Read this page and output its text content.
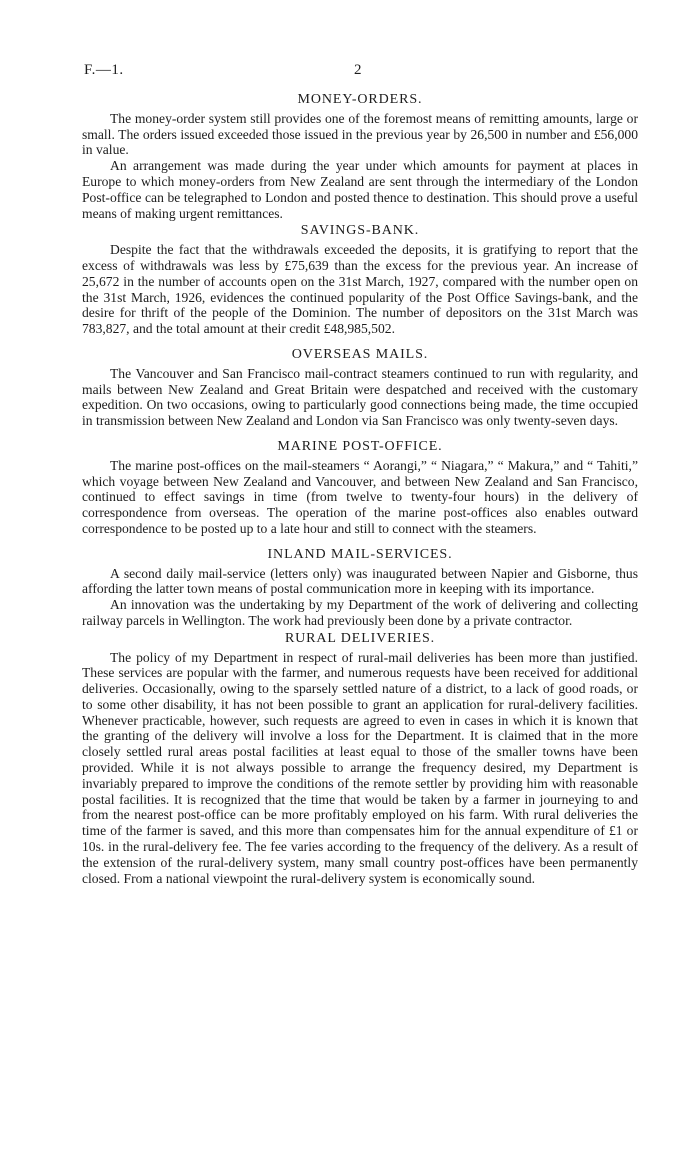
F.—1.	2
MONEY-ORDERS.

The money-order system still provides one of the foremost means of remitting amounts, large or small. The orders issued exceeded those issued in the previous year by 26,500 in number and £56,000 in value.

An arrangement was made during the year under which amounts for payment at places in Europe to which money-orders from New Zealand are sent through the intermediary of the London Post-office can be telegraphed to London and posted thence to destination. This should prove a useful means of making urgent remittances.

SAVINGS-BANK.

Despite the fact that the withdrawals exceeded the deposits, it is gratifying to report that the excess of withdrawals was less by £75,639 than the excess for the previous year. An increase of 25,672 in the number of accounts open on the 31st March, 1927, compared with the number open on the 31st March, 1926, evidences the continued popularity of the Post Office Savings-bank, and the desire for thrift of the people of the Dominion. The number of depositors on the 31st March was 783,827, and the total amount at their credit £48,985,502.

OVERSEAS MAILS.

The Vancouver and San Francisco mail-contract steamers continued to run with regularity, and mails between New Zealand and Great Britain were despatched and received with the customary expedition. On two occasions, owing to particularly good connections being made, the time occupied in transmission between New Zealand and London via San Francisco was only twenty-seven days.

MARINE POST-OFFICE.

The marine post-offices on the mail-steamers “ Aorangi,” “ Niagara,” “ Makura,” and “ Tahiti,” which voyage between New Zealand and Vancouver, and between New Zealand and San Francisco, continued to effect savings in time (from twelve to twenty-four hours) in the delivery of correspondence from overseas. The operation of the marine post-offices also enables outward correspondence to be posted up to a late hour and still to connect with the steamers.

INLAND MAIL-SERVICES.

A second daily mail-service (letters only) was inaugurated between Napier and Gisborne, thus affording the latter town means of postal communication more in keeping with its importance.

An innovation was the undertaking by my Department of the work of delivering and collecting railway parcels in Wellington. The work had previously been done by a private contractor.

RURAL DELIVERIES.

The policy of my Department in respect of rural-mail deliveries has been more than justified. These services are popular with the farmer, and numerous requests have been received for additional deliveries. Occasionally, owing to the sparsely settled nature of a district, to a lack of good roads, or to some other disability, it has not been possible to grant an application for rural-delivery facilities. Whenever practicable, however, such requests are agreed to even in cases in which it is known that the granting of the delivery will involve a loss for the Department. It is claimed that in the more closely settled rural areas postal facilities at least equal to those of the smaller towns have been provided. While it is not always possible to arrange the frequency desired, my Department is invariably prepared to improve the conditions of the remote settler by providing him with reasonable postal facilities. It is recognized that the time that would be taken by a farmer in journeying to and from the nearest post-office can be more profitably employed on his farm. With rural deliveries the time of the farmer is saved, and this more than compensates him for the annual expenditure of £1 or 10s. in the rural-delivery fee. The fee varies according to the frequency of the delivery. As a result of the extension of the rural-delivery system, many small country post-offices have been permanently closed. From a national viewpoint the rural-delivery system is economically sound.
